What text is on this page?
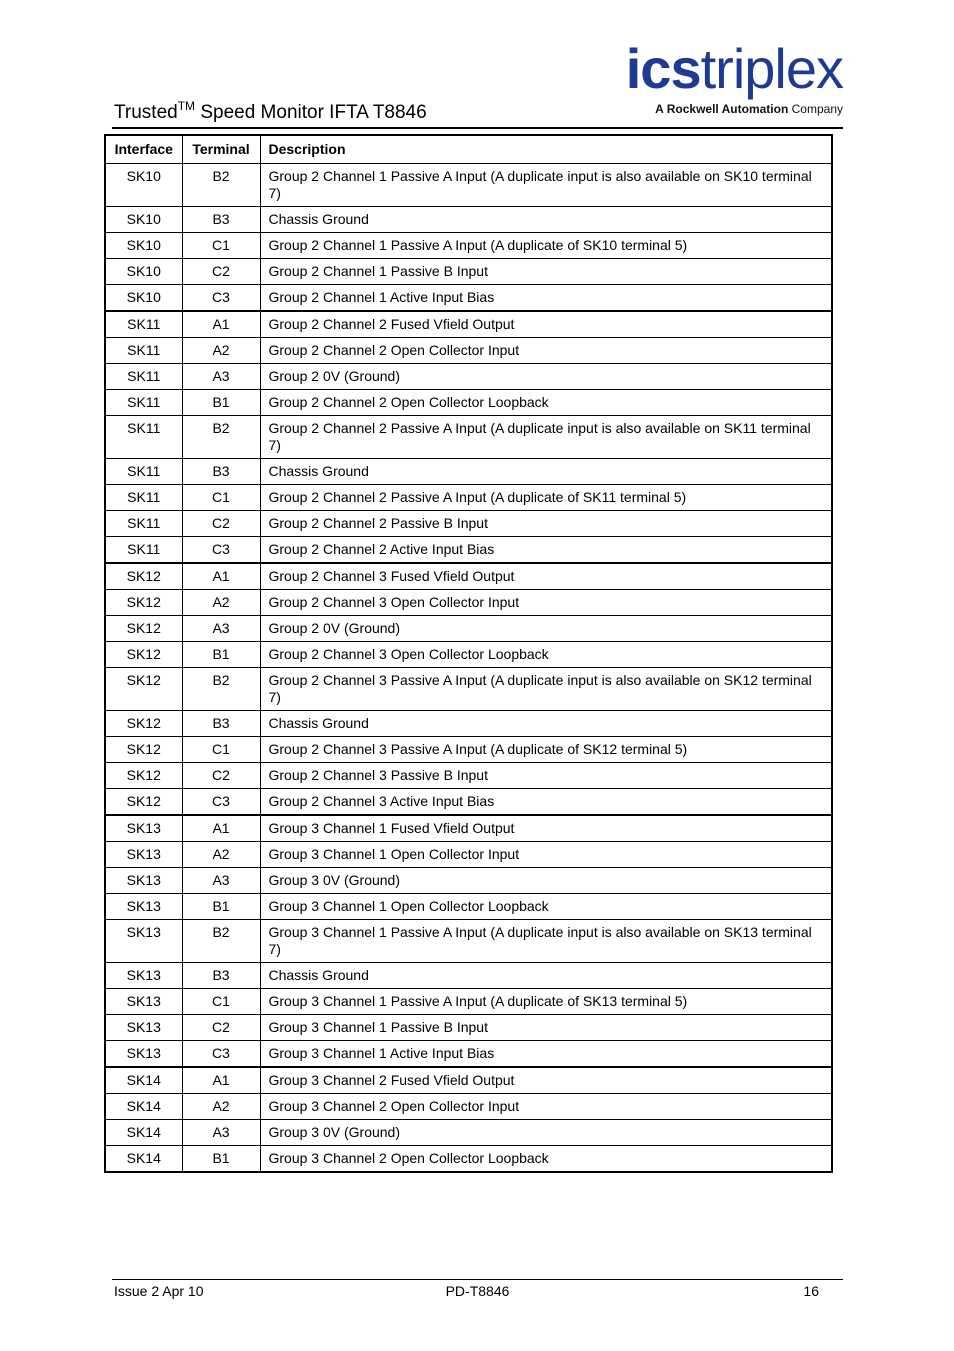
Trusted™ Speed Monitor IFTA T8846
icstriplex
A Rockwell Automation Company
Interface	Terminal	Description
SK10	B2	Group 2 Channel 1 Passive A Input (A duplicate input is also available on SK10 terminal 7)
SK10	B3	Chassis Ground
SK10	C1	Group 2 Channel 1 Passive A Input (A duplicate of SK10 terminal 5)
SK10	C2	Group 2 Channel 1 Passive B Input
SK10	C3	Group 2 Channel 1 Active Input Bias
SK11	A1	Group 2 Channel 2 Fused Vfield Output
SK11	A2	Group 2 Channel 2 Open Collector Input
SK11	A3	Group 2 0V (Ground)
SK11	B1	Group 2 Channel 2 Open Collector Loopback
SK11	B2	Group 2 Channel 2 Passive A Input (A duplicate input is also available on SK11 terminal 7)
SK11	B3	Chassis Ground
SK11	C1	Group 2 Channel 2 Passive A Input (A duplicate of SK11 terminal 5)
SK11	C2	Group 2 Channel 2 Passive B Input
SK11	C3	Group 2 Channel 2 Active Input Bias
SK12	A1	Group 2 Channel 3 Fused Vfield Output
SK12	A2	Group 2 Channel 3 Open Collector Input
SK12	A3	Group 2 0V (Ground)
SK12	B1	Group 2 Channel 3 Open Collector Loopback
SK12	B2	Group 2 Channel 3 Passive A Input (A duplicate input is also available on SK12 terminal 7)
SK12	B3	Chassis Ground
SK12	C1	Group 2 Channel 3 Passive A Input (A duplicate of SK12 terminal 5)
SK12	C2	Group 2 Channel 3 Passive B Input
SK12	C3	Group 2 Channel 3 Active Input Bias
SK13	A1	Group 3 Channel 1 Fused Vfield Output
SK13	A2	Group 3 Channel 1 Open Collector Input
SK13	A3	Group 3 0V (Ground)
SK13	B1	Group 3 Channel 1 Open Collector Loopback
SK13	B2	Group 3 Channel 1 Passive A Input (A duplicate input is also available on SK13 terminal 7)
SK13	B3	Chassis Ground
SK13	C1	Group 3 Channel 1 Passive A Input (A duplicate of SK13 terminal 5)
SK13	C2	Group 3 Channel 1 Passive B Input
SK13	C3	Group 3 Channel 1 Active Input Bias
SK14	A1	Group 3 Channel 2 Fused Vfield Output
SK14	A2	Group 3 Channel 2 Open Collector Input
SK14	A3	Group 3 0V (Ground)
SK14	B1	Group 3 Channel 2 Open Collector Loopback
Issue 2 Apr 10	PD-T8846	16
